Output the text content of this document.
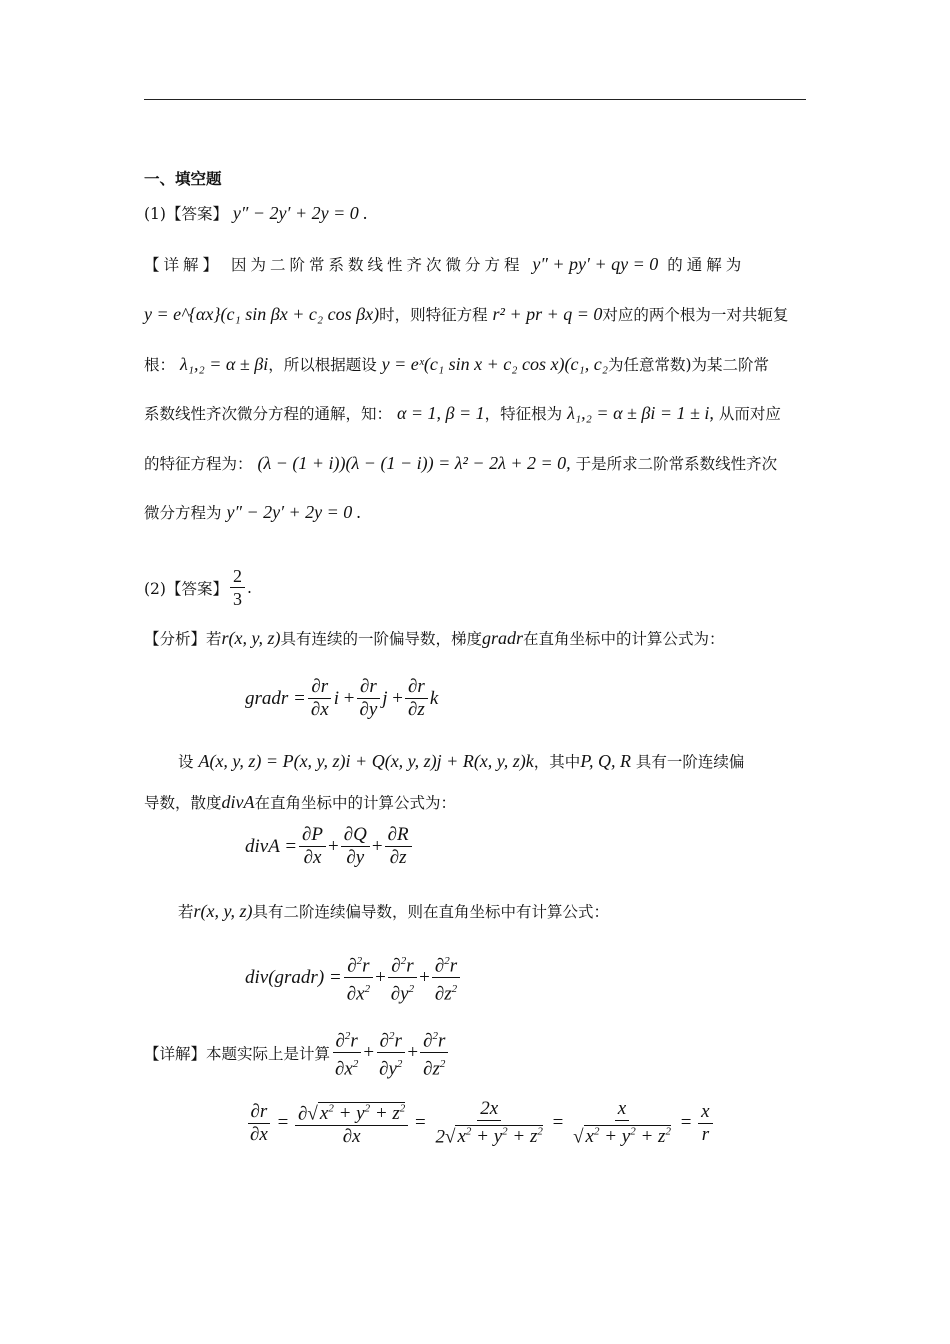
一、填空题
(1)【答案】 y″ − 2y′ + 2y = 0 .
【详解】 因为二阶常系数线性齐次微分方程 y″ + py′ + qy = 0 的通解为
y = e^{αx}(c₁ sin βx + c₂ cos βx)时，则特征方程 r² + pr + q = 0对应的两个根为一对共轭复
根： λ₁,₂ = α ± βi，所以根据题设 y = eˣ(c₁ sin x + c₂ cos x)(c₁, c₂为任意常数)为某二阶常
系数线性齐次微分方程的通解，知： α = 1, β = 1，特征根为 λ₁,₂ = α ± βi = 1 ± i, 从而对应
的特征方程为： (λ − (1 + i))(λ − (1 − i)) = λ² − 2λ + 2 = 0, 于是所求二阶常系数线性齐次
微分方程为 y″ − 2y′ + 2y = 0 .
(2)【答案】 $\frac{2}{3}$ .
【分析】若r(x, y, z)具有连续的一阶偏导数，梯度gradr在直角坐标中的计算公式为：
gradr = $\frac{\partial r}{\partial x}$ $i + \frac{\partial r}{\partial y}$ $j + \frac{\partial r}{\partial z}$ k
设 A(x, y, z) = P(x, y, z)i + Q(x, y, z)j + R(x, y, z)k，其中P, Q, R 具有一阶连续偏
导数，散度divA在直角坐标中的计算公式为：
divA = $\frac{\partial P}{\partial x} + \frac{\partial Q}{\partial y} + \frac{\partial R}{\partial z}$
若r(x, y, z)具有二阶连续偏导数，则在直角坐标中有计算公式：
div(gradr) = $\frac{\partial^2r}{\partial x^2} + \frac{\partial^2r}{\partial y^2} + \frac{\partial^2r}{\partial z^2}$
【详解】本题实际上是计算 $\frac{\partial^2r}{\partial x^2} + \frac{\partial^2r}{\partial y^2} + \frac{\partial^2r}{\partial z^2}$
$\frac{\partial r}{\partial x} = \frac{\partial√ x^2 + y^2 + z^2}{\partial x} = \frac{2x}{2√ x^2 + y^2 + z^2} = \frac{x}{√ x^2 + y^2 + z^2} = \frac{x}{r}$
